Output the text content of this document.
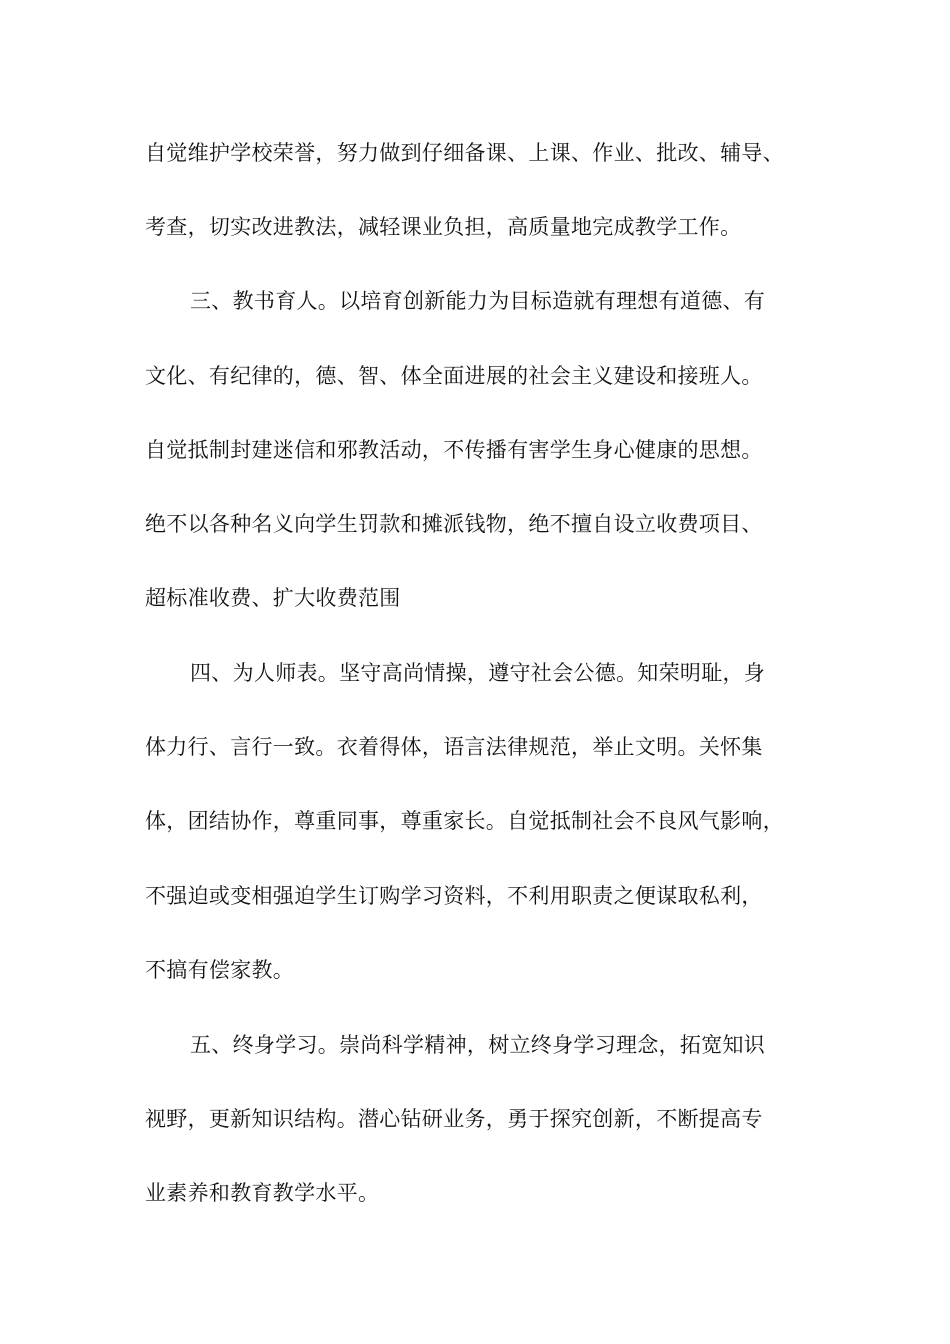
自觉维护学校荣誉，努力做到仔细备课、上课、作业、批改、辅导、
考查，切实改进教法，减轻课业负担，高质量地完成教学工作。
三、教书育人。以培育创新能力为目标造就有理想有道德、有
文化、有纪律的，德、智、体全面进展的社会主义建设和接班人。
自觉抵制封建迷信和邪教活动，不传播有害学生身心健康的思想。
绝不以各种名义向学生罚款和摊派钱物，绝不擅自设立收费项目、
超标准收费、扩大收费范围
四、为人师表。坚守高尚情操，遵守社会公德。知荣明耻，身
体力行、言行一致。衣着得体，语言法律规范，举止文明。关怀集
体，团结协作，尊重同事，尊重家长。自觉抵制社会不良风气影响，
不强迫或变相强迫学生订购学习资料，不利用职责之便谋取私利，
不搞有偿家教。
五、终身学习。崇尚科学精神，树立终身学习理念，拓宽知识
视野，更新知识结构。潜心钻研业务，勇于探究创新，不断提高专
业素养和教育教学水平。
